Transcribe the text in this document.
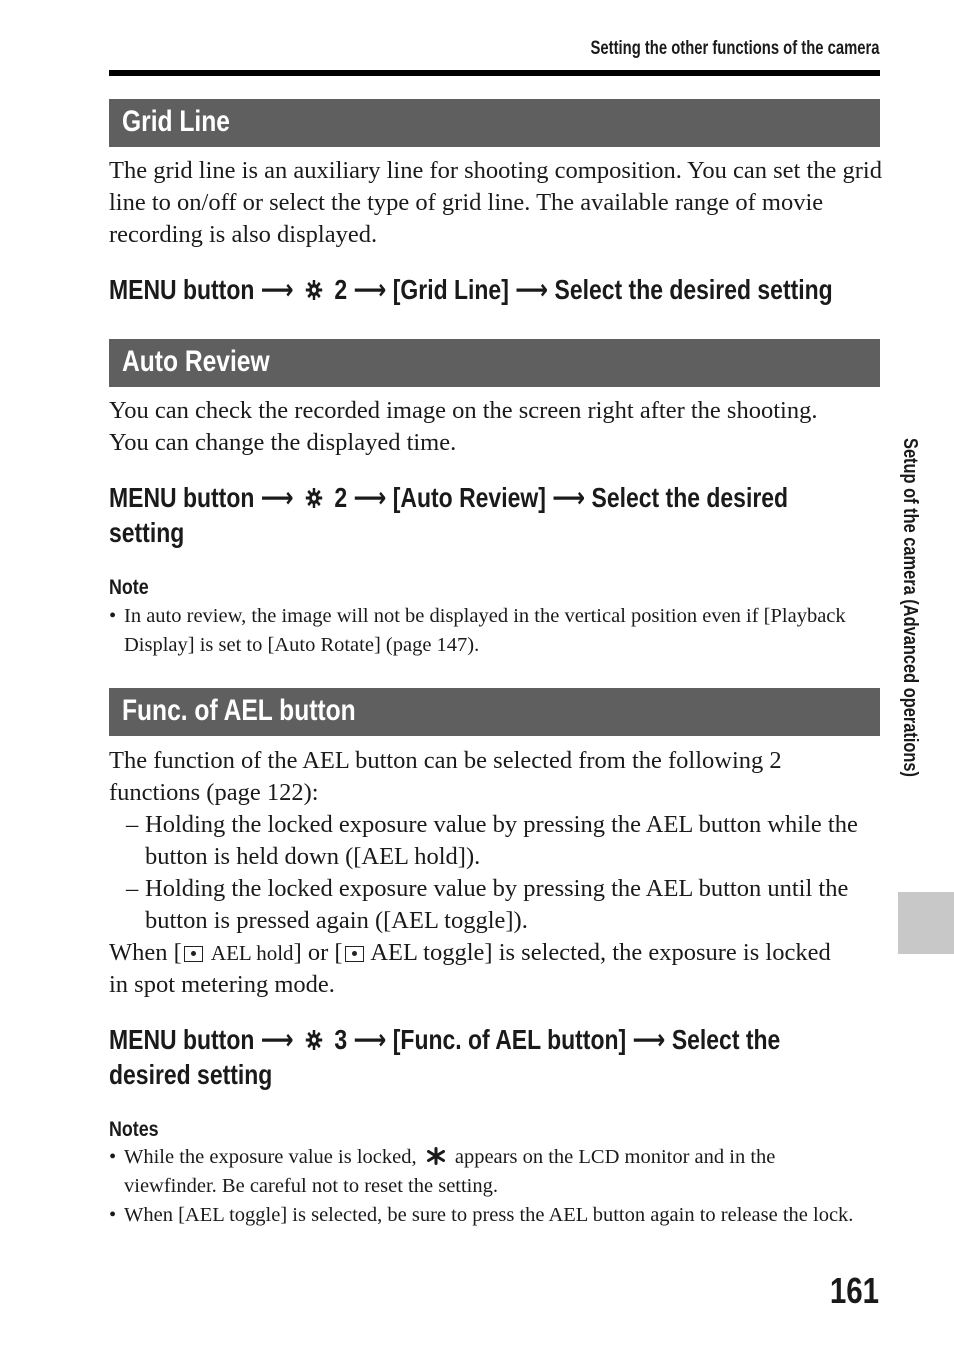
Setting the other functions of the camera
Grid Line
The grid line is an auxiliary line for shooting composition. You can set the grid line to on/off or select the type of grid line. The available range of movie recording is also displayed.
MENU button ⟶ 2 ⟶ [Grid Line] ⟶ Select the desired setting
Auto Review
You can check the recorded image on the screen right after the shooting.
You can change the displayed time.
MENU button ⟶ 2 ⟶ [Auto Review] ⟶ Select the desired
setting
Note
• In auto review, the image will not be displayed in the vertical position even if [Playback Display] is set to [Auto Rotate] (page 147).
Func. of AEL button
The function of the AEL button can be selected from the following 2 functions (page 122):
– Holding the locked exposure value by pressing the AEL button while the button is held down ([AEL hold]).
– Holding the locked exposure value by pressing the AEL button until the button is pressed again ([AEL toggle]).
When [ AEL hold] or [ AEL toggle] is selected, the exposure is locked
in spot metering mode.
MENU button ⟶ 3 ⟶ [Func. of AEL button] ⟶ Select the
desired setting
Notes
• While the exposure value is locked, appears on the LCD monitor and in the
viewfinder. Be careful not to reset the setting.
• When [AEL toggle] is selected, be sure to press the AEL button again to release the lock.
Setup of the camera (Advanced operations)
161
